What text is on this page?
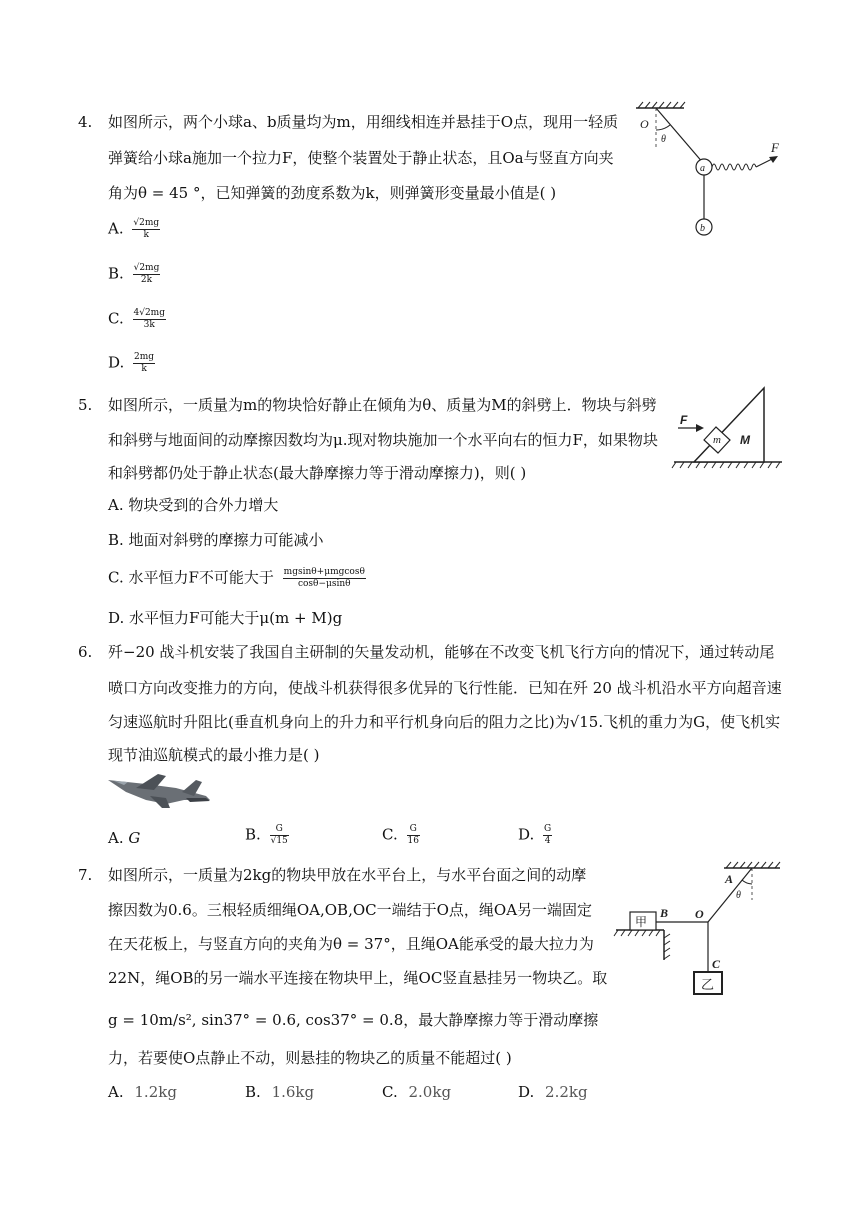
4. 如图所示，两个小球a、b质量均为m，用细线相连并悬挂于O点，现用一轻质
弹簧给小球a施加一个拉力F，使整个装置处于静止状态，且Oa与竖直方向夹
角为θ = 45 °，已知弹簧的劲度系数为k，则弹簧形变量最小值是( )
A. $\frac{√2mg}{k}$
B. $\frac{√2mg}{2k}$
C. $\frac{4√2mg}{3k}$
D. $\frac{2mg}{k}$
O
θ
a
b
F
5. 如图所示，一质量为m的物块恰好静止在倾角为θ、质量为M的斜劈上．物块与斜劈
和斜劈与地面间的动摩擦因数均为μ.现对物块施加一个水平向右的恒力F，如果物块
和斜劈都仍处于静止状态(最大静摩擦力等于滑动摩擦力)，则( )
A. 物块受到的合外力增大
B. 地面对斜劈的摩擦力可能减小
C. 水平恒力F不可能大于 $\frac{\text{mgsinθ+μmgcosθ}}{\cos\theta-\mu\sin\theta}$
D. 水平恒力F可能大于μ(m + M)g
F
m M
6. 歼−20 战斗机安装了我国自主研制的矢量发动机，能够在不改变飞机飞行方向的情况下，通过转动尾
喷口方向改变推力的方向，使战斗机获得很多优异的飞行性能．已知在歼 20 战斗机沿水平方向超音速
匀速巡航时升阻比(垂直机身向上的升力和平行机身向后的阻力之比)为√15.飞机的重力为G，使飞机实
现节油巡航模式的最小推力是( )
A. G	B. $\frac{G}{√15}$	C. $\frac{G}{16}$	D. $\frac{G}{4}$
7. 如图所示，一质量为2kg的物块甲放在水平台上，与水平台面之间的动摩
擦因数为0.6。三根轻质细绳OA,OB,OC一端结于O点，绳OA另一端固定
在天花板上，与竖直方向的夹角为θ = 37°，且绳OA能承受的最大拉力为
22N，绳OB的另一端水平连接在物块甲上，绳OC竖直悬挂另一物块乙。取
g = 10m/s², sin37° = 0.6, cos37° = 0.8，最大静摩擦力等于滑动摩擦
力，若要使O点静止不动，则悬挂的物块乙的质量不能超过( )
A. 1.2kg	B. 1.6kg	C. 2.0kg	D. 2.2kg
A
θ
甲
B O
C
乙
